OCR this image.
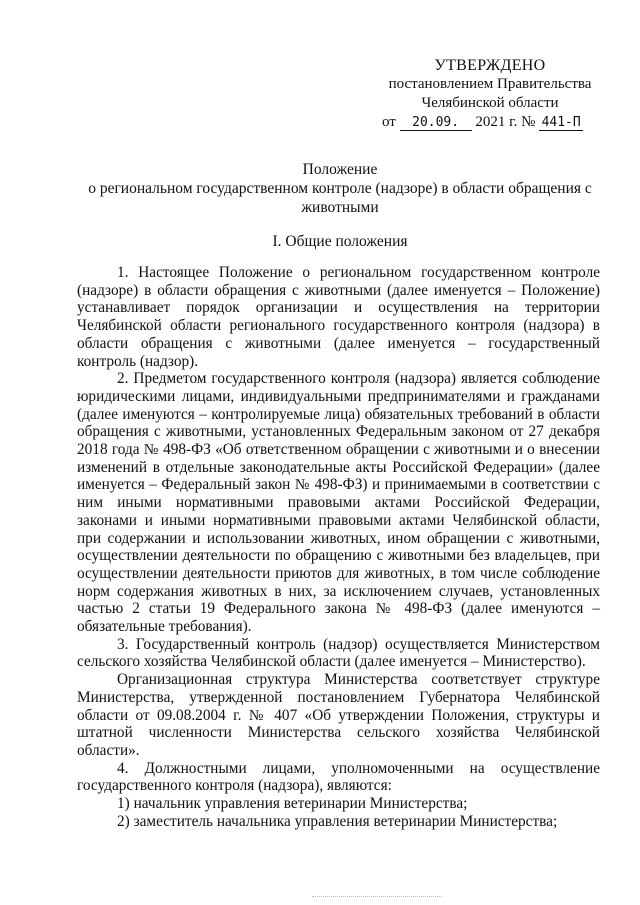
УТВЕРЖДЕНО
постановлением Правительства
Челябинской области
от 20.09. 2021 г. № 441-П
Положение
о региональном государственном контроле (надзоре) в области обращения с животными
I. Общие положения

1. Настоящее Положение о региональном государственном контроле (надзоре) в области обращения с животными (далее именуется – Положение) устанавливает порядок организации и осуществления на территории Челябинской области регионального государственного контроля (надзора) в области обращения с животными (далее именуется – государственный контроль (надзор).

2. Предметом государственного контроля (надзора) является соблюдение юридическими лицами, индивидуальными предпринимателями и гражданами (далее именуются – контролируемые лица) обязательных требований в области обращения с животными, установленных Федеральным законом от 27 декабря 2018 года № 498-ФЗ «Об ответственном обращении с животными и о внесении изменений в отдельные законодательные акты Российской Федерации» (далее именуется – Федеральный закон № 498-ФЗ) и принимаемыми в соответствии с ним иными нормативными правовыми актами Российской Федерации, законами и иными нормативными правовыми актами Челябинской области, при содержании и использовании животных, ином обращении с животными, осуществлении деятельности по обращению с животными без владельцев, при осуществлении деятельности приютов для животных, в том числе соблюдение норм содержания животных в них, за исключением случаев, установленных частью 2 статьи 19 Федерального закона № 498-ФЗ (далее именуются – обязательные требования).

3. Государственный контроль (надзор) осуществляется Министерством сельского хозяйства Челябинской области (далее именуется – Министерство).

Организационная структура Министерства соответствует структуре Министерства, утвержденной постановлением Губернатора Челябинской области от 09.08.2004 г. № 407 «Об утверждении Положения, структуры и штатной численности Министерства сельского хозяйства Челябинской области».

4. Должностными лицами, уполномоченными на осуществление государственного контроля (надзора), являются:

1) начальник управления ветеринарии Министерства;

2) заместитель начальника управления ветеринарии Министерства;
